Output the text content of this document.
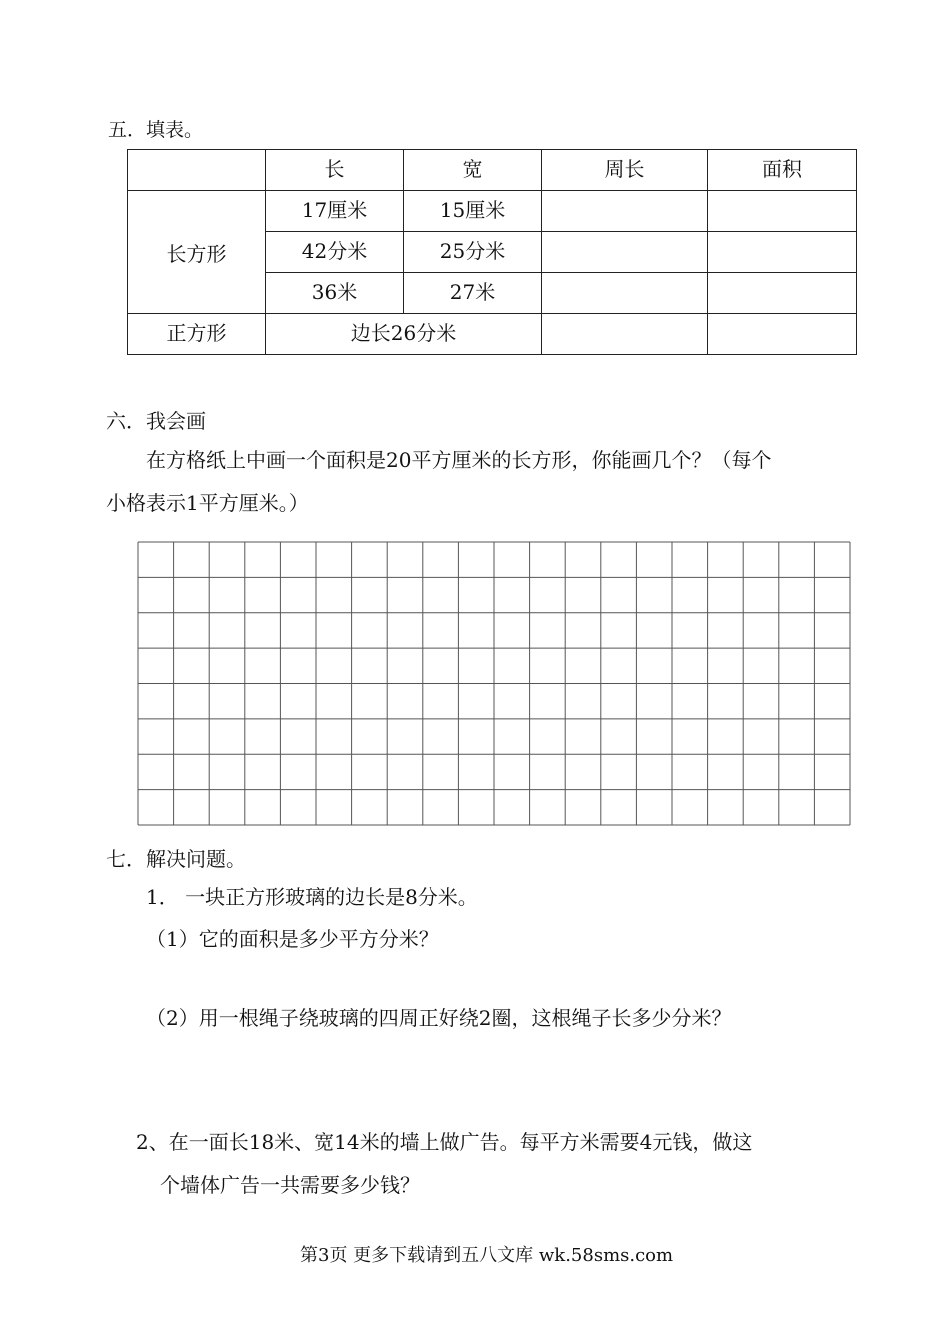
五．填表。
	长	宽	周长	面积
长方形	17厘米	15厘米		
	42分米	25分米		
	36米	27米		
正方形	边长26分米			
六．我会画
在方格纸上中画一个面积是20平方厘米的长方形，你能画几个？（每个
小格表示1平方厘米。）
七．解决问题。
1． 一块正方形玻璃的边长是8分米。
（1）它的面积是多少平方分米？
（2）用一根绳子绕玻璃的四周正好绕2圈，这根绳子长多少分米？
2、在一面长18米、宽14米的墙上做广告。每平方米需要4元钱，做这
个墙体广告一共需要多少钱？
第3页 更多下载请到五八文库 wk.58sms.com
